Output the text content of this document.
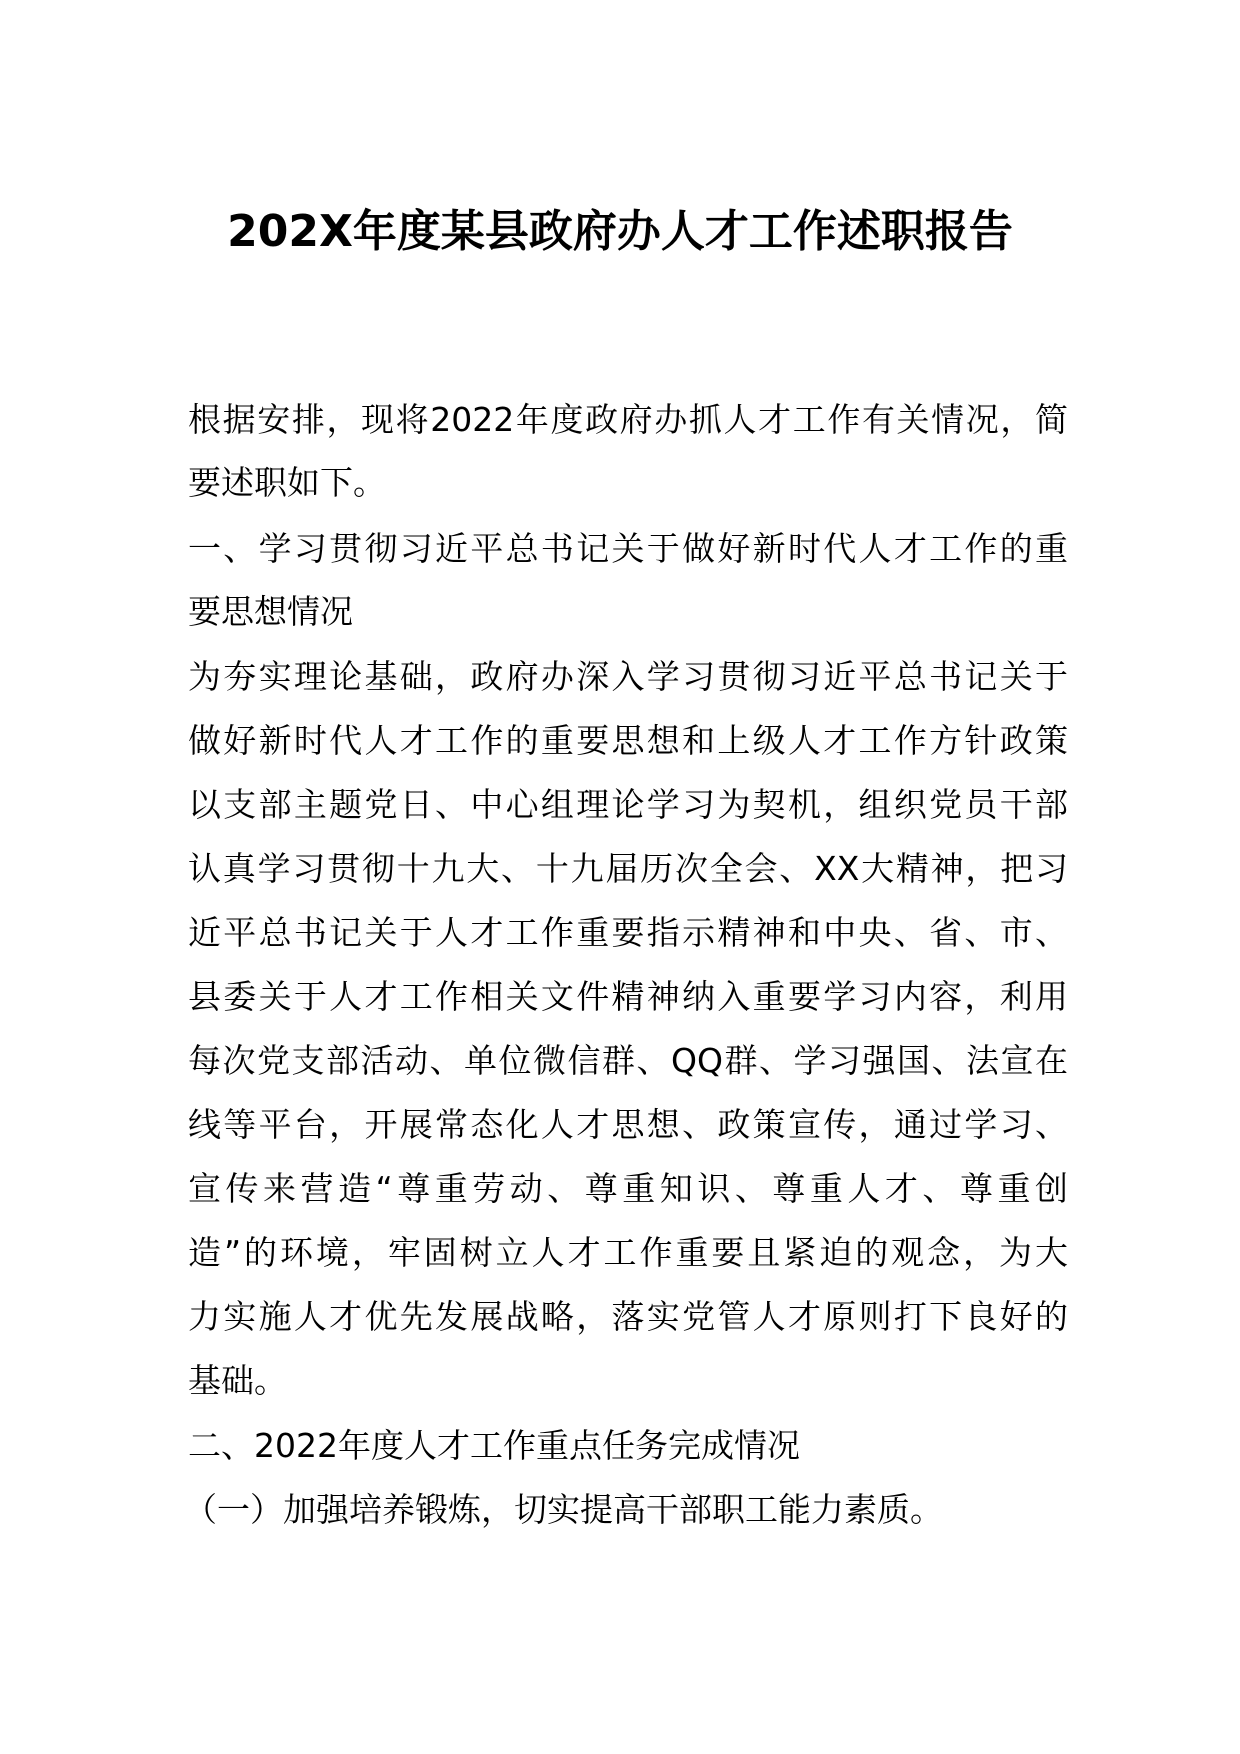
202X年度某县政府办人才工作述职报告

根据安排，现将2022年度政府办抓人才工作有关情况，简

要述职如下。

一、学习贯彻习近平总书记关于做好新时代人才工作的重

要思想情况

为夯实理论基础，政府办深入学习贯彻习近平总书记关于

做好新时代人才工作的重要思想和上级人才工作方针政策

以支部主题党日、中心组理论学习为契机，组织党员干部

认真学习贯彻十九大、十九届历次全会、XX大精神，把习

近平总书记关于人才工作重要指示精神和中央、省、市、

县委关于人才工作相关文件精神纳入重要学习内容，利用

每次党支部活动、单位微信群、QQ群、学习强国、法宣在

线等平台，开展常态化人才思想、政策宣传，通过学习、

宣传来营造“尊重劳动、尊重知识、尊重人才、尊重创

造”的环境，牢固树立人才工作重要且紧迫的观念，为大

力实施人才优先发展战略，落实党管人才原则打下良好的

基础。

二、2022年度人才工作重点任务完成情况

（一）加强培养锻炼，切实提高干部职工能力素质。
